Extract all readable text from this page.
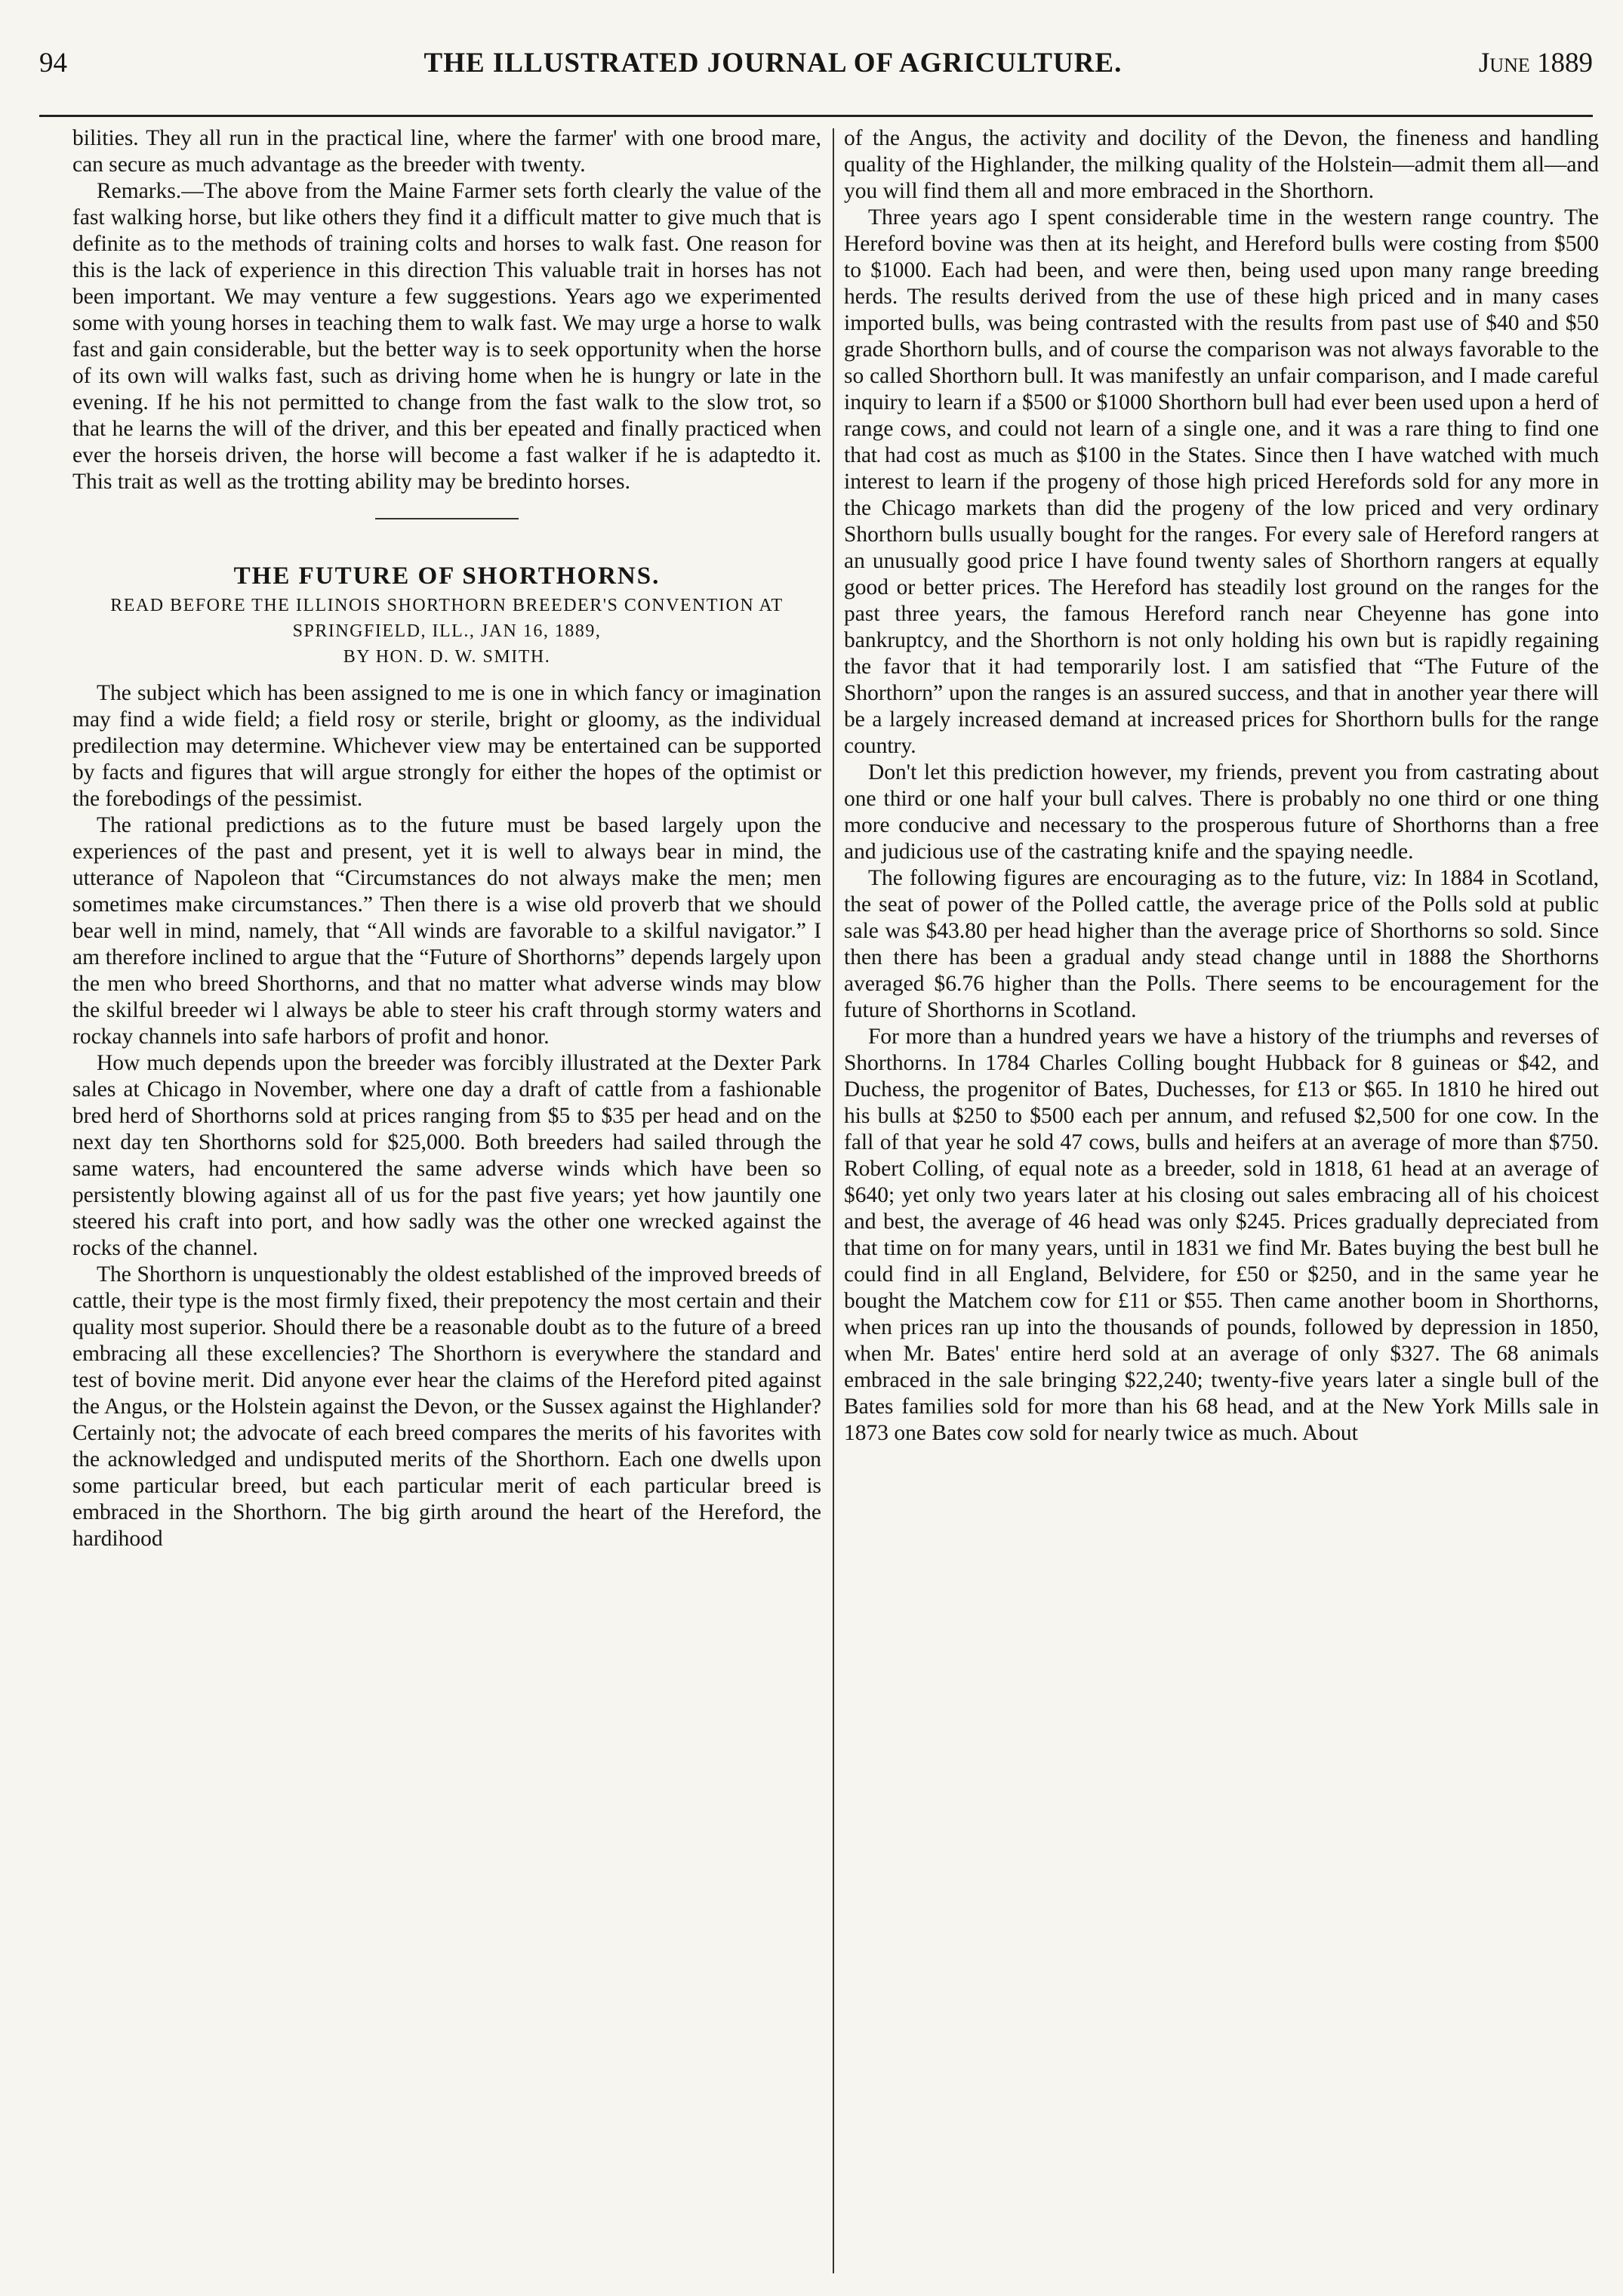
94	THE ILLUSTRATED JOURNAL OF AGRICULTURE.	June 1889

bilities. They all run in the practical line, where the farmer' with one brood mare, can secure as much advantage as the breeder with twenty.

Remarks.—The above from the Maine Farmer sets forth clearly the value of the fast walking horse, but like others they find it a difficult matter to give much that is definite as to the methods of training colts and horses to walk fast. One reason for this is the lack of experience in this direction This valuable trait in horses has not been important. We may venture a few suggestions. Years ago we experimented some with young horses in teaching them to walk fast. We may urge a horse to walk fast and gain considerable, but the better way is to seek opportunity when the horse of its own will walks fast, such as driving home when he is hungry or late in the evening. If he his not permitted to change from the fast walk to the slow trot, so that he learns the will of the driver, and this ber epeated and finally practiced when ever the horseis driven, the horse will become a fast walker if he is adaptedto it. This trait as well as the trotting ability may be bredinto horses.

THE FUTURE OF SHORTHORNS.
READ BEFORE THE ILLINOIS SHORTHORN BREEDER'S CONVENTION AT SPRINGFIELD, ILL., JAN 16, 1889,
BY HON. D. W. SMITH.

The subject which has been assigned to me is one in which fancy or imagination may find a wide field; a field rosy or sterile, bright or gloomy, as the individual predilection may determine. Whichever view may be entertained can be supported by facts and figures that will argue strongly for either the hopes of the optimist or the forebodings of the pessimist.

The rational predictions as to the future must be based largely upon the experiences of the past and present, yet it is well to always bear in mind, the utterance of Napoleon that “Circumstances do not always make the men; men sometimes make circumstances.” Then there is a wise old proverb that we should bear well in mind, namely, that “All winds are favorable to a skilful navigator.” I am therefore inclined to argue that the “Future of Shorthorns” depends largely upon the men who breed Shorthorns, and that no matter what adverse winds may blow the skilful breeder wi l always be able to steer his craft through stormy waters and rockay channels into safe harbors of profit and honor.

How much depends upon the breeder was forcibly illustrated at the Dexter Park sales at Chicago in November, where one day a draft of cattle from a fashionable bred herd of Shorthorns sold at prices ranging from $5 to $35 per head and on the next day ten Shorthorns sold for $25,000. Both breeders had sailed through the same waters, had encountered the same adverse winds which have been so persistently blowing against all of us for the past five years; yet how jauntily one steered his craft into port, and how sadly was the other one wrecked against the rocks of the channel.

The Shorthorn is unquestionably the oldest established of the improved breeds of cattle, their type is the most firmly fixed, their prepotency the most certain and their quality most superior. Should there be a reasonable doubt as to the future of a breed embracing all these excellencies? The Shorthorn is everywhere the standard and test of bovine merit. Did anyone ever hear the claims of the Hereford pited against the Angus, or the Holstein against the Devon, or the Sussex against the Highlander? Certainly not; the advocate of each breed compares the merits of his favorites with the acknowledged and undisputed merits of the Shorthorn. Each one dwells upon some particular breed, but each particular merit of each particular breed is embraced in the Shorthorn. The big girth around the heart of the Hereford, the hardihood

of the Angus, the activity and docility of the Devon, the fineness and handling quality of the Highlander, the milking quality of the Holstein—admit them all—and you will find them all and more embraced in the Shorthorn.

Three years ago I spent considerable time in the western range country. The Hereford bovine was then at its height, and Hereford bulls were costing from $500 to $1000. Each had been, and were then, being used upon many range breeding herds. The results derived from the use of these high priced and in many cases imported bulls, was being contrasted with the results from past use of $40 and $50 grade Shorthorn bulls, and of course the comparison was not always favorable to the so called Shorthorn bull. It was manifestly an unfair comparison, and I made careful inquiry to learn if a $500 or $1000 Shorthorn bull had ever been used upon a herd of range cows, and could not learn of a single one, and it was a rare thing to find one that had cost as much as $100 in the States. Since then I have watched with much interest to learn if the progeny of those high priced Herefords sold for any more in the Chicago markets than did the progeny of the low priced and very ordinary Shorthorn bulls usually bought for the ranges. For every sale of Hereford rangers at an unusually good price I have found twenty sales of Shorthorn rangers at equally good or better prices. The Hereford has steadily lost ground on the ranges for the past three years, the famous Hereford ranch near Cheyenne has gone into bankruptcy, and the Shorthorn is not only holding his own but is rapidly regaining the favor that it had temporarily lost. I am satisfied that “The Future of the Shorthorn” upon the ranges is an assured success, and that in another year there will be a largely increased demand at increased prices for Shorthorn bulls for the range country.

Don't let this prediction however, my friends, prevent you from castrating about one third or one half your bull calves. There is probably no one third or one thing more conducive and necessary to the prosperous future of Shorthorns than a free and judicious use of the castrating knife and the spaying needle.

The following figures are encouraging as to the future, viz: In 1884 in Scotland, the seat of power of the Polled cattle, the average price of the Polls sold at public sale was $43.80 per head higher than the average price of Shorthorns so sold. Since then there has been a gradual andy stead change until in 1888 the Shorthorns averaged $6.76 higher than the Polls. There seems to be encouragement for the future of Shorthorns in Scotland.

For more than a hundred years we have a history of the triumphs and reverses of Shorthorns. In 1784 Charles Colling bought Hubback for 8 guineas or $42, and Duchess, the progenitor of Bates, Duchesses, for £13 or $65. In 1810 he hired out his bulls at $250 to $500 each per annum, and refused $2,500 for one cow. In the fall of that year he sold 47 cows, bulls and heifers at an average of more than $750. Robert Colling, of equal note as a breeder, sold in 1818, 61 head at an average of $640; yet only two years later at his closing out sales embracing all of his choicest and best, the average of 46 head was only $245. Prices gradually depreciated from that time on for many years, until in 1831 we find Mr. Bates buying the best bull he could find in all England, Belvidere, for £50 or $250, and in the same year he bought the Matchem cow for £11 or $55. Then came another boom in Shorthorns, when prices ran up into the thousands of pounds, followed by depression in 1850, when Mr. Bates' entire herd sold at an average of only $327. The 68 animals embraced in the sale bringing $22,240; twenty-five years later a single bull of the Bates families sold for more than his 68 head, and at the New York Mills sale in 1873 one Bates cow sold for nearly twice as much. About
